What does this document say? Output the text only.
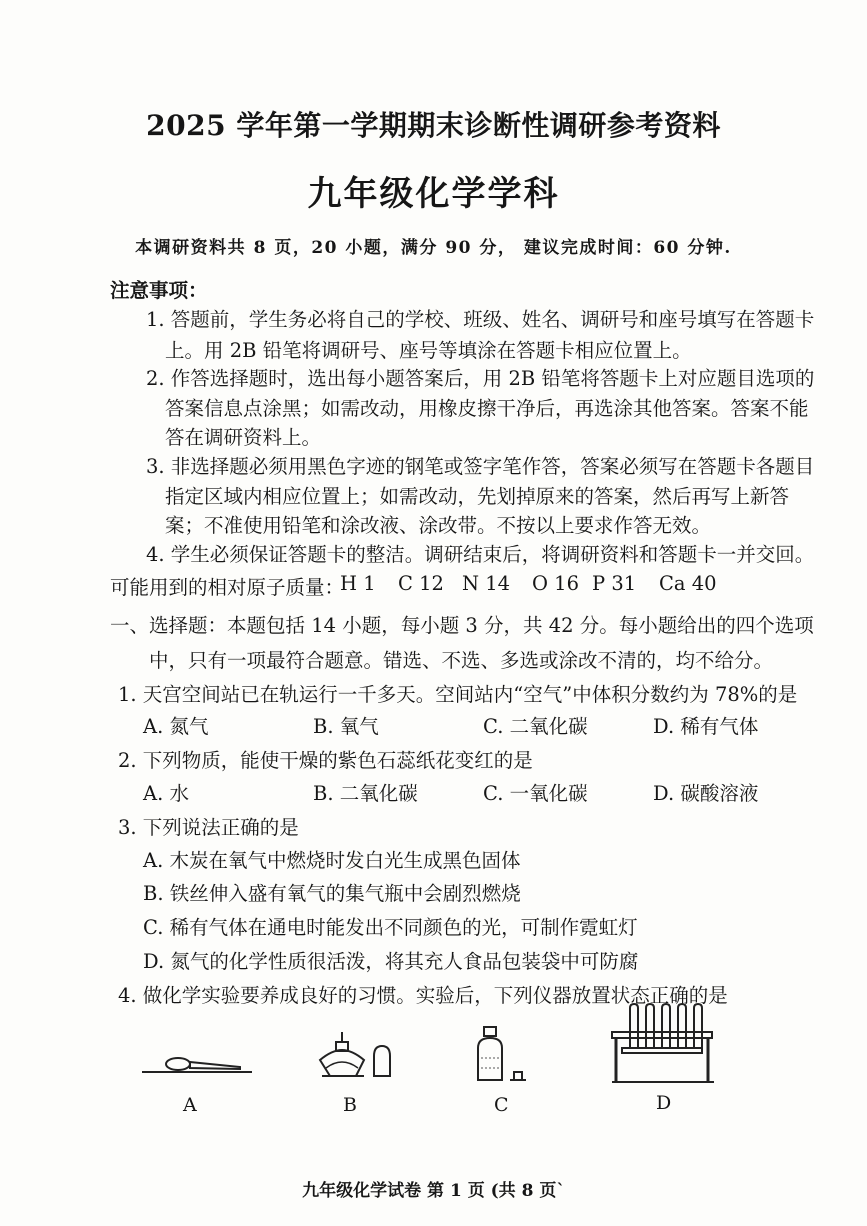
2025 学年第一学期期末诊断性调研参考资料
九年级化学学科
本调研资料共 8 页，20 小题，满分 90 分， 建议完成时间：60 分钟.
注意事项：
1. 答题前，学生务必将自己的学校、班级、姓名、调研号和座号填写在答题卡
上。用 2B 铅笔将调研号、座号等填涂在答题卡相应位置上。
2. 作答选择题时，选出每小题答案后，用 2B 铅笔将答题卡上对应题目选项的
答案信息点涂黑；如需改动，用橡皮擦干净后，再选涂其他答案。答案不能
答在调研资料上。
3. 非选择题必须用黑色字迹的钢笔或签字笔作答，答案必须写在答题卡各题目
指定区域内相应位置上；如需改动，先划掉原来的答案，然后再写上新答
案；不准使用铅笔和涂改液、涂改带。不按以上要求作答无效。
4. 学生必须保证答题卡的整洁。调研结束后，将调研资料和答题卡一并交回。
可能用到的相对原子质量：
H 1 C 12 N 14 O 16 P 31 Ca 40
一、选择题：本题包括 14 小题，每小题 3 分，共 42 分。每小题给出的四个选项
中，只有一项最符合题意。错选、不选、多选或涂改不清的，均不给分。
1. 天宫空间站已在轨运行一千多天。空间站内“空气”中体积分数约为 78%的是
A. 氮气	B. 氧气	C. 二氧化碳	D. 稀有气体
2. 下列物质，能使干燥的紫色石蕊纸花变红的是
A. 水	B. 二氧化碳	C. 一氧化碳	D. 碳酸溶液
3. 下列说法正确的是
A. 木炭在氧气中燃烧时发白光生成黑色固体
B. 铁丝伸入盛有氧气的集气瓶中会剧烈燃烧
C. 稀有气体在通电时能发出不同颜色的光，可制作霓虹灯
D. 氮气的化学性质很活泼，将其充人食品包装袋中可防腐
4. 做化学实验要养成良好的习惯。实验后，下列仪器放置状态正确的是
A	B	C	D
九年级化学试卷 第 1 页 (共 8 页`
